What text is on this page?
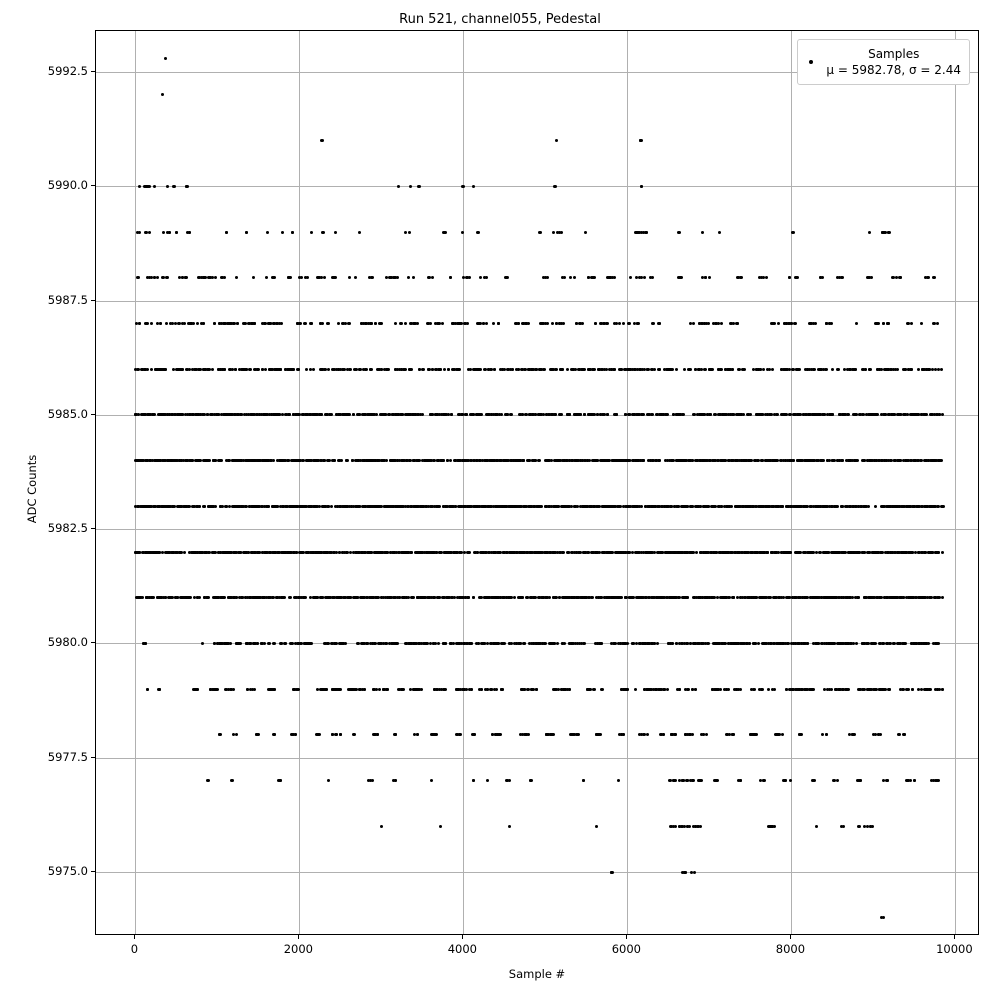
Run 521, channel055, Pedestal
Samples
μ = 5982.78, σ = 2.44
Sample #
ADC Counts
0	2000	4000	6000	8000	10000
5975.0
5977.5
5980.0
5982.5
5985.0
5987.5
5990.0
5992.5
